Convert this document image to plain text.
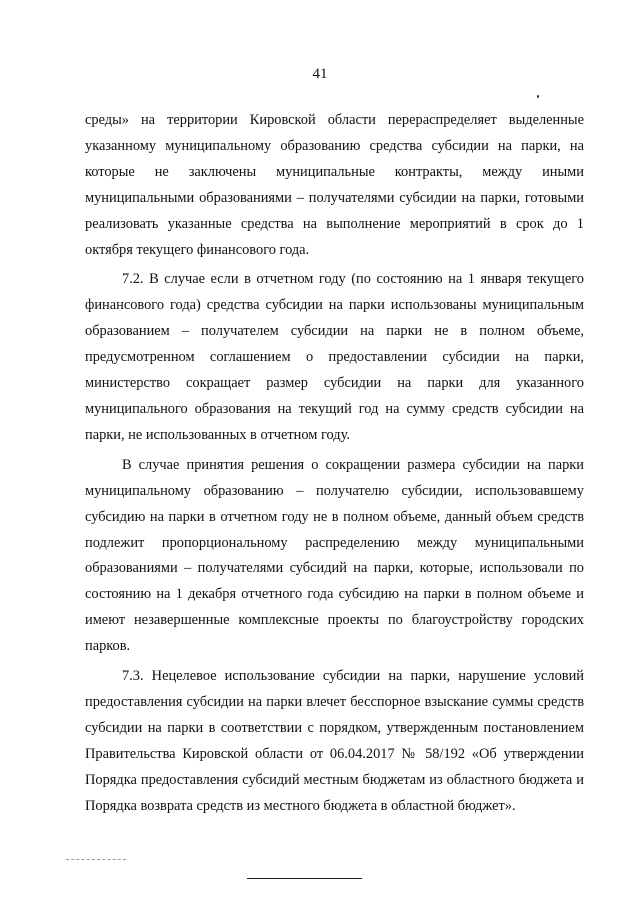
41

среды» на территории Кировской области перераспределяет выделенные указанному муниципальному образованию средства субсидии на парки, на которые не заключены муниципальные контракты, между иными муниципальными образованиями – получателями субсидии на парки, готовыми реализовать указанные средства на выполнение мероприятий в срок до 1 октября текущего финансового года.

7.2. В случае если в отчетном году (по состоянию на 1 января текущего финансового года) средства субсидии на парки использованы муниципальным образованием – получателем субсидии на парки не в полном объеме, предусмотренном соглашением о предоставлении субсидии на парки, министерство сокращает размер субсидии на парки для указанного муниципального образования на текущий год на сумму средств субсидии на парки, не использованных в отчетном году.

В случае принятия решения о сокращении размера субсидии на парки муниципальному образованию – получателю субсидии, использовавшему субсидию на парки в отчетном году не в полном объеме, данный объем средств подлежит пропорциональному распределению между муниципальными образованиями – получателями субсидий на парки, которые, использовали по состоянию на 1 декабря отчетного года субсидию на парки в полном объеме и имеют незавершенные комплексные проекты по благоустройству городских парков.

7.3. Нецелевое использование субсидии на парки, нарушение условий предоставления субсидии на парки влечет бесспорное взыскание суммы средств субсидии на парки в соответствии с порядком, утвержденным постановлением Правительства Кировской области от 06.04.2017 № 58/192 «Об утверждении Порядка предоставления субсидий местным бюджетам из областного бюджета и Порядка возврата средств из местного бюджета в областной бюджет».
